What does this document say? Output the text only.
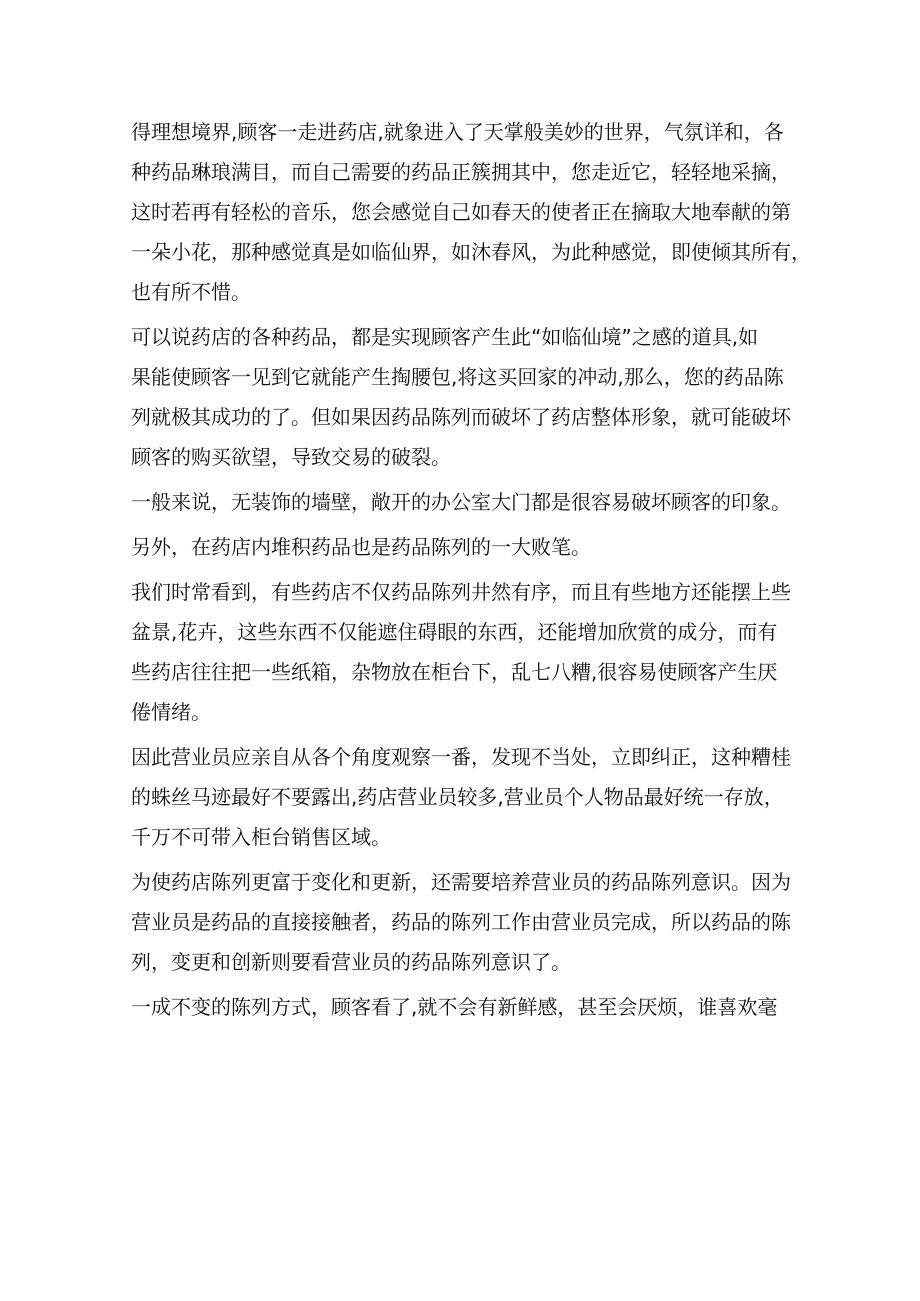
得理想境界,顾客一走进药店,就象进入了天掌般美妙的世界，气氛详和，各
种药品琳琅满目，而自己需要的药品正簇拥其中，您走近它，轻轻地采摘，
这时若再有轻松的音乐，您会感觉自己如春天的使者正在摘取大地奉献的第
一朵小花，那种感觉真是如临仙界，如沐春风，为此种感觉，即使倾其所有，
也有所不惜。
可以说药店的各种药品，都是实现顾客产生此“如临仙境”之感的道具,如
果能使顾客一见到它就能产生掏腰包,将这买回家的冲动,那么，您的药品陈
列就极其成功的了。但如果因药品陈列而破坏了药店整体形象，就可能破坏
顾客的购买欲望，导致交易的破裂。
一般来说，无装饰的墙壁，敞开的办公室大门都是很容易破坏顾客的印象。
另外，在药店内堆积药品也是药品陈列的一大败笔。
我们时常看到，有些药店不仅药品陈列井然有序，而且有些地方还能摆上些
盆景,花卉，这些东西不仅能遮住碍眼的东西，还能增加欣赏的成分，而有
些药店往往把一些纸箱，杂物放在柜台下，乱七八糟,很容易使顾客产生厌
倦情绪。
因此营业员应亲自从各个角度观察一番，发现不当处，立即纠正，这种糟桂
的蛛丝马迹最好不要露出,药店营业员较多,营业员个人物品最好统一存放，
千万不可带入柜台销售区域。
为使药店陈列更富于变化和更新，还需要培养营业员的药品陈列意识。因为
营业员是药品的直接接触者，药品的陈列工作由营业员完成，所以药品的陈
列，变更和创新则要看营业员的药品陈列意识了。
一成不变的陈列方式，顾客看了,就不会有新鲜感，甚至会厌烦，谁喜欢毫
